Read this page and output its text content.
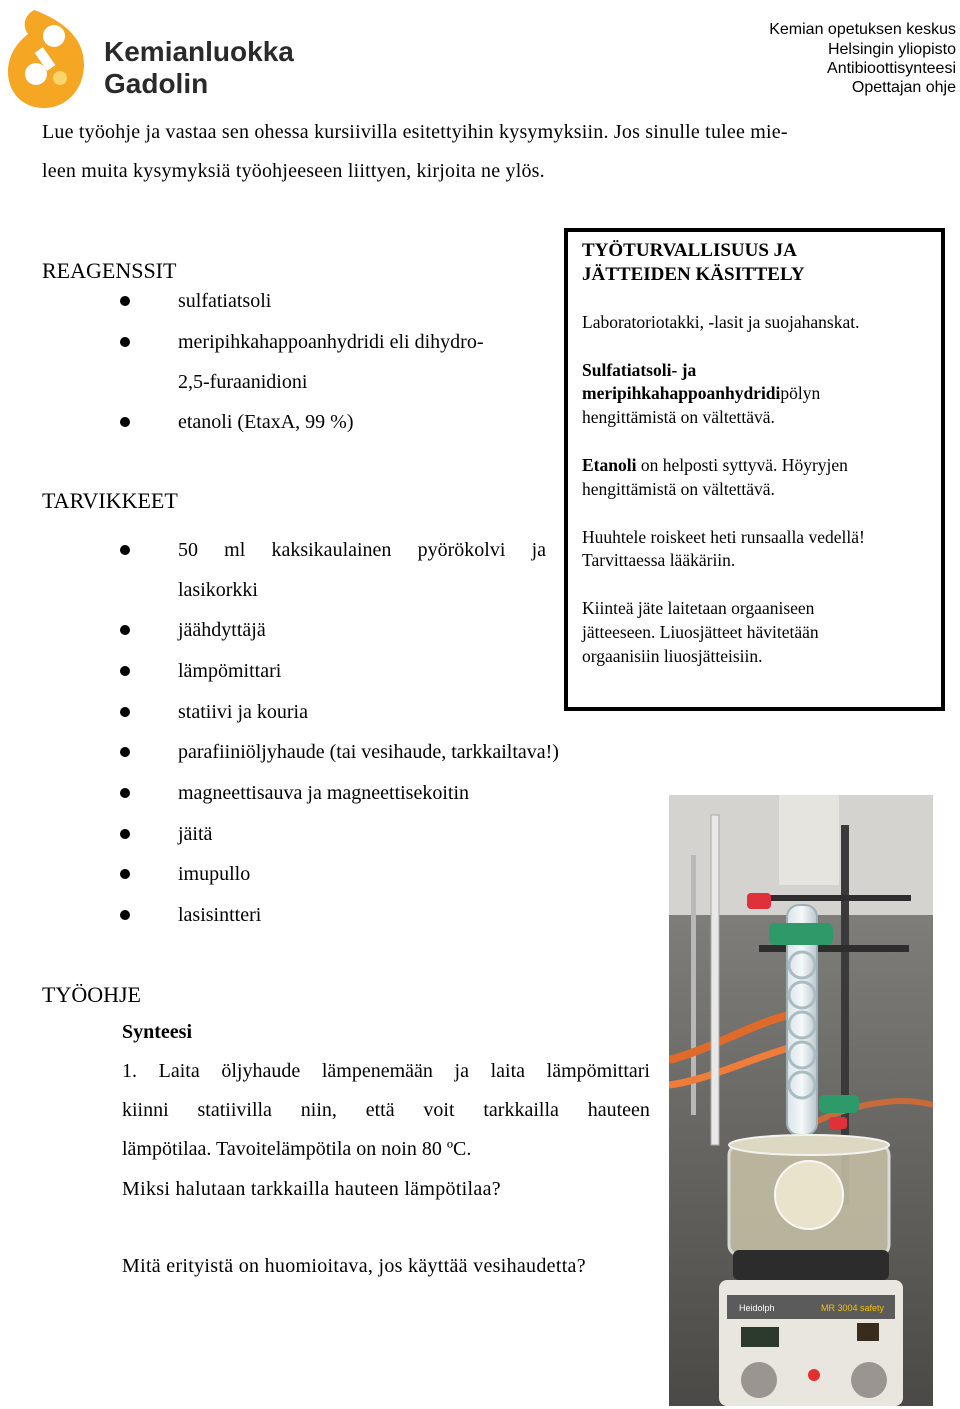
Kemianluokka
Gadolin
Kemian opetuksen keskus
Helsingin yliopisto
Antibioottisynteesi
Opettajan ohje
Lue työohje ja vastaa sen ohessa kursiivilla esitettyihin kysymyksiin. Jos sinulle tulee mie-
leen muita kysymyksiä työohjeeseen liittyen, kirjoita ne ylös.
REAGENSSIT
sulfatiatsoli
meripihkahappoanhydridi eli dihydro-
2,5-furaanidioni
etanoli (EtaxA, 99 %)
TARVIKKEET
50 ml kaksikaulainen pyörökolvi ja
lasikorkki
jäähdyttäjä
lämpömittari
statiivi ja kouria
parafiiniöljyhaude (tai vesihaude, tarkkailtava!)
magneettisauva ja magneettisekoitin
jäitä
imupullo
lasisintteri
TYÖTURVALLISUUS JA
JÄTTEIDEN KÄSITTELY
Laboratoriotakki, -lasit ja suojahanskat.
Sulfatiatsoli- ja
meripihkahappoanhydridipölyn
hengittämistä on vältettävä.
Etanoli on helposti syttyvä. Höyryjen
hengittämistä on vältettävä.
Huuhtele roiskeet heti runsaalla vedellä!
Tarvittaessa lääkäriin.
Kiinteä jäte laitetaan orgaaniseen
jätteeseen. Liuosjätteet hävitetään
orgaanisiin liuosjätteisiin.
TYÖOHJE
Synteesi
1. Laita öljyhaude lämpenemään ja laita lämpömittari
kiinni statiivilla niin, että voit tarkkailla hauteen
lämpötilaa. Tavoitelämpötila on noin 80 ºC.
Miksi halutaan tarkkailla hauteen lämpötilaa?
Mitä erityistä on huomioitava, jos käyttää vesihaudetta?
Heidolph	MR 3004 safety
